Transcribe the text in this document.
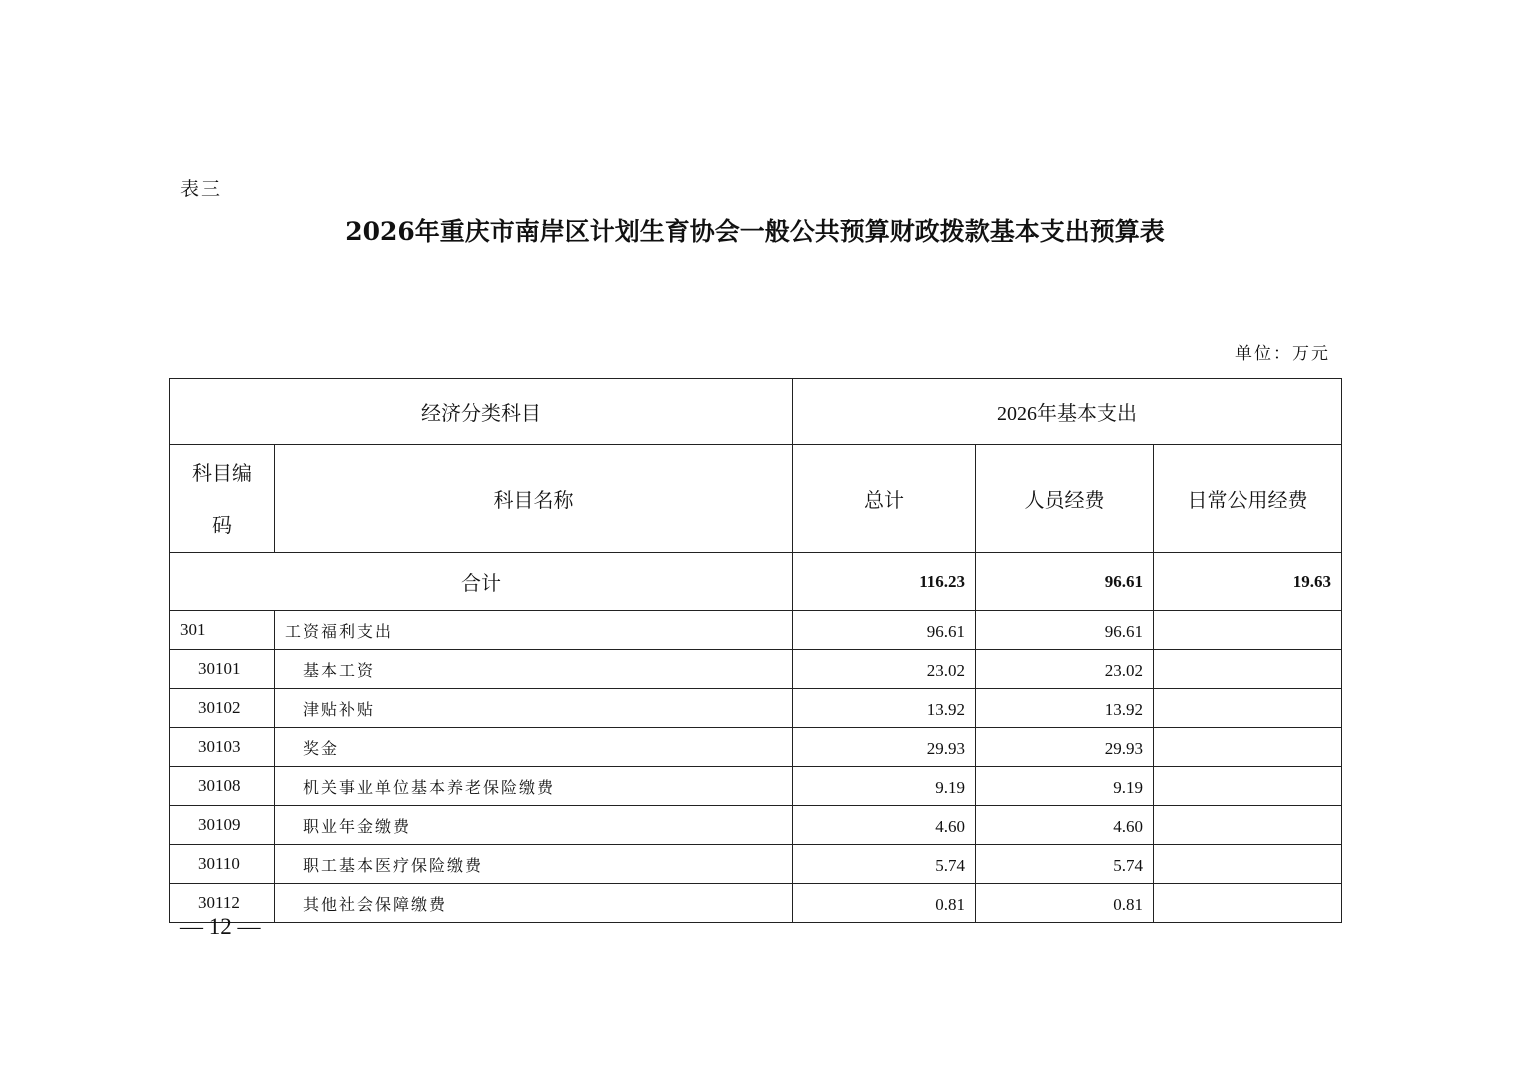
表三
2026年重庆市南岸区计划生育协会一般公共预算财政拨款基本支出预算表
单位：万元
经济分类科目		2026年基本支出		
科目编码	科目名称	总计	人员经费	日常公用经费
合计		116.23	96.61	19.63
301	工资福利支出	96.61	96.61	
30101	基本工资	23.02	23.02	
30102	津贴补贴	13.92	13.92	
30103	奖金	29.93	29.93	
30108	机关事业单位基本养老保险缴费	9.19	9.19	
30109	职业年金缴费	4.60	4.60	
30110	职工基本医疗保险缴费	5.74	5.74	
30112	其他社会保障缴费	0.81	0.81	
— 12 —
